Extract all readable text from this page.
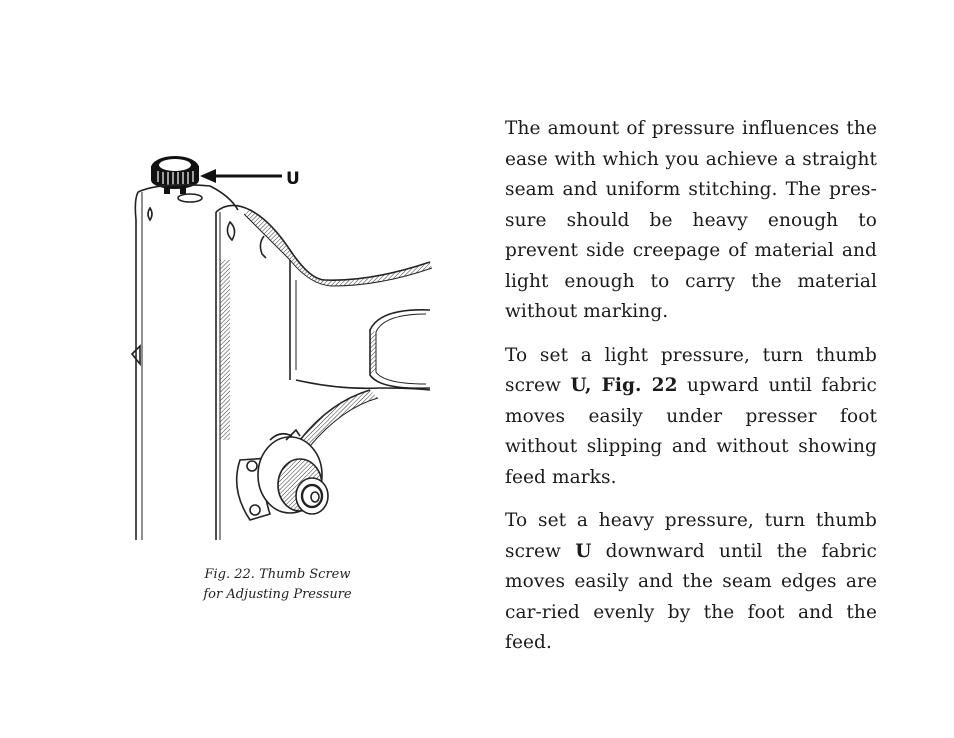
U
Fig. 22. Thumb Screw
for Adjusting Pressure

The amount of pressure influences the ease with which you achieve a straight seam and uniform stitching. The pres-sure should be heavy enough to prevent side creepage of material and light enough to carry the material without marking.

To set a light pressure, turn thumb screw U, Fig. 22 upward until fabric moves easily under presser foot without slipping and without showing feed marks.

To set a heavy pressure, turn thumb screw U downward until the fabric moves easily and the seam edges are car-ried evenly by the foot and the feed.
